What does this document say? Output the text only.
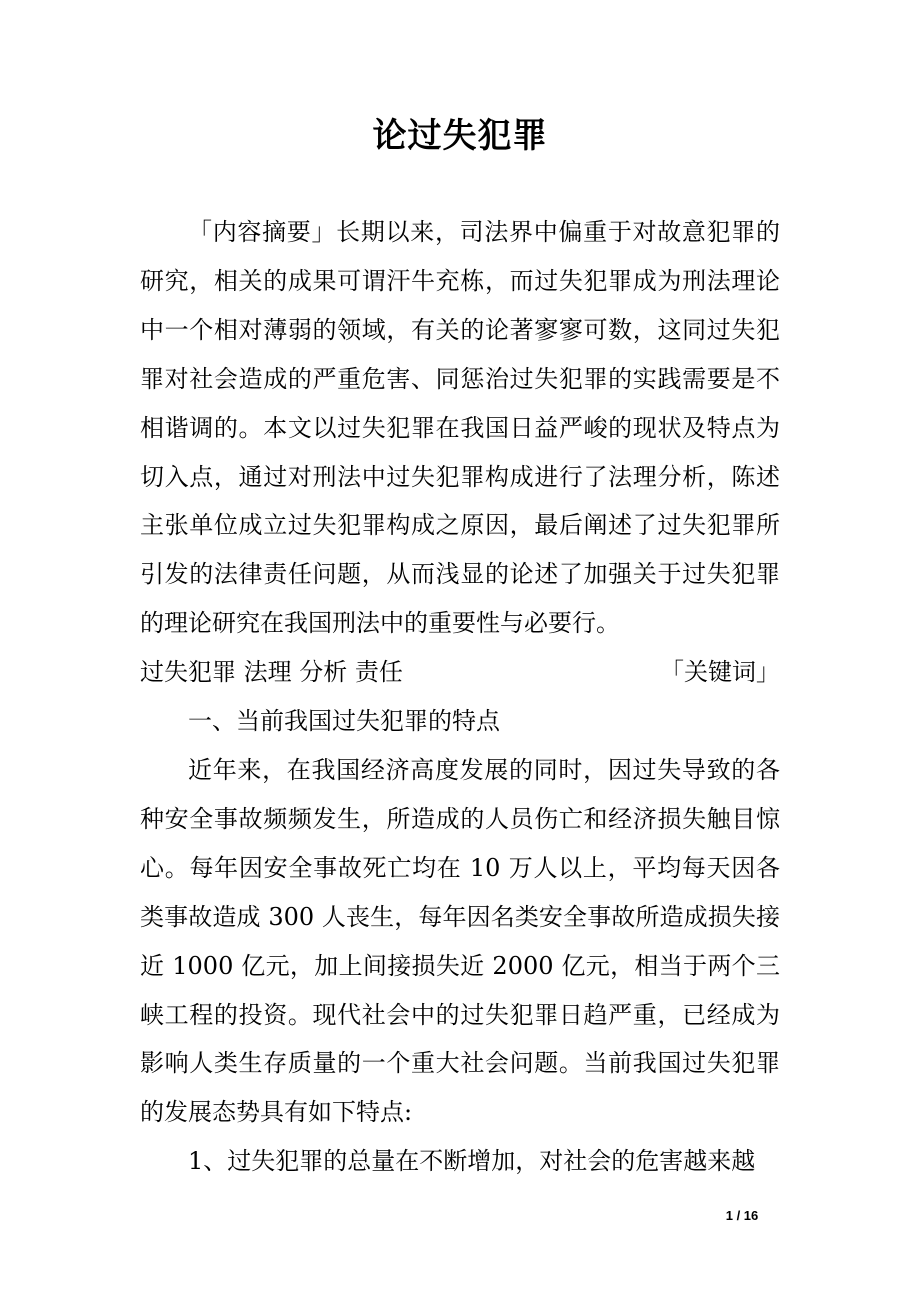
论过失犯罪

「内容摘要」长期以来，司法界中偏重于对故意犯罪的研究，相关的成果可谓汗牛充栋，而过失犯罪成为刑法理论中一个相对薄弱的领域，有关的论著寥寥可数，这同过失犯罪对社会造成的严重危害、同惩治过失犯罪的实践需要是不相谐调的。本文以过失犯罪在我国日益严峻的现状及特点为切入点，通过对刑法中过失犯罪构成进行了法理分析，陈述主张单位成立过失犯罪构成之原因，最后阐述了过失犯罪所引发的法律责任问题，从而浅显的论述了加强关于过失犯罪的理论研究在我国刑法中的重要性与必要行。
「关键词」

过失犯罪 法理 分析 责任

一、当前我国过失犯罪的特点

近年来，在我国经济高度发展的同时，因过失导致的各种安全事故频频发生，所造成的人员伤亡和经济损失触目惊心。每年因安全事故死亡均在 10 万人以上，平均每天因各类事故造成 300 人丧生，每年因名类安全事故所造成损失接近 1000 亿元，加上间接损失近 2000 亿元，相当于两个三峡工程的投资。现代社会中的过失犯罪日趋严重，已经成为影响人类生存质量的一个重大社会问题。当前我国过失犯罪的发展态势具有如下特点:

1、过失犯罪的总量在不断增加，对社会的危害越来越

1 / 16
